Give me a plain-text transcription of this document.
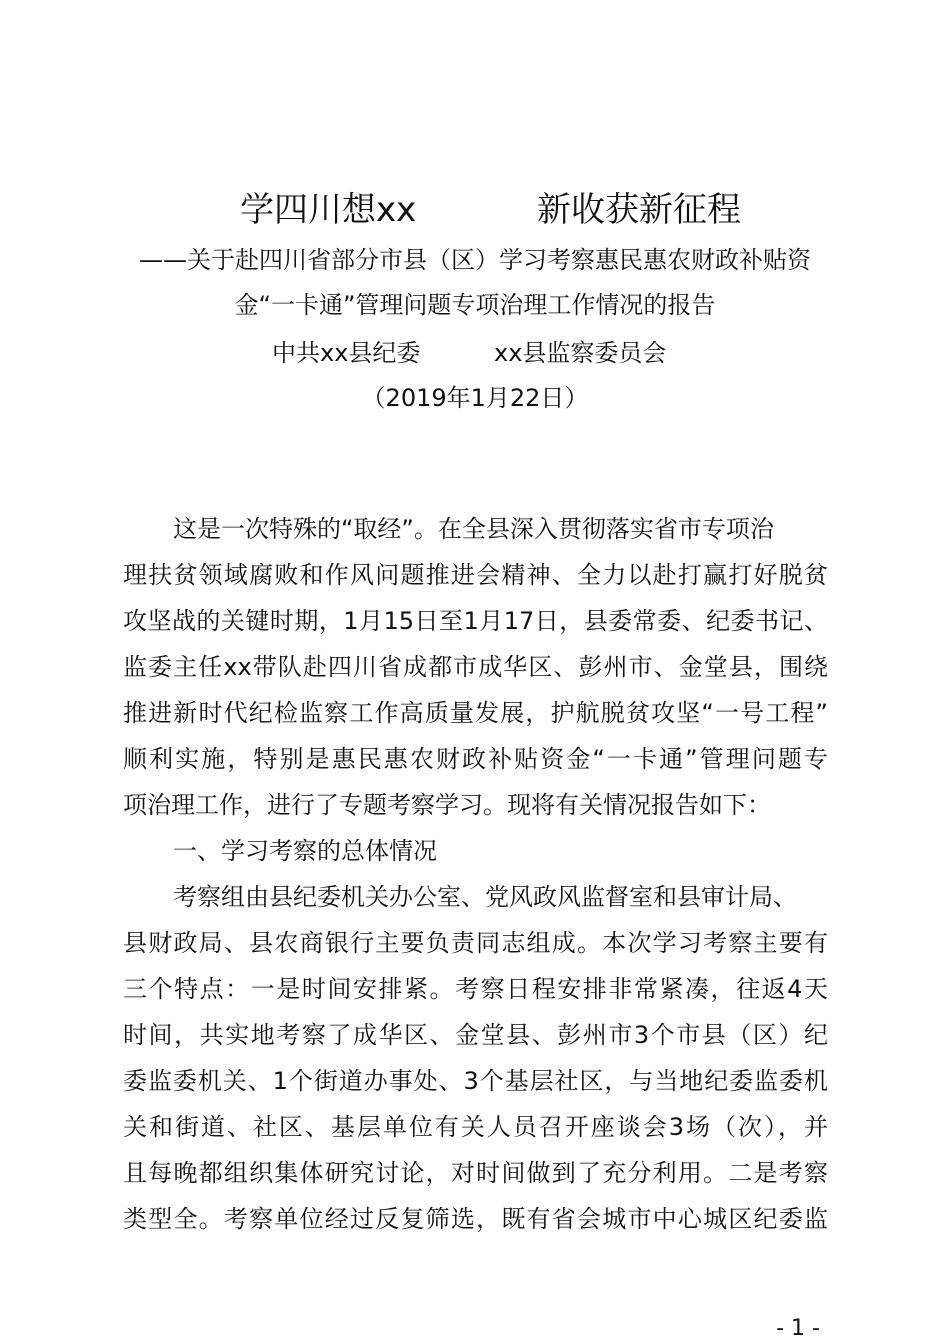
学四川想xx	新收获新征程
——关于赴四川省部分市县（区）学习考察惠民惠农财政补贴资
金“一卡通”管理问题专项治理工作情况的报告
中共xx县纪委	xx县监察委员会
（2019年1月22日）
这是一次特殊的“取经”。在全县深入贯彻落实省市专项治
理扶贫领域腐败和作风问题推进会精神、全力以赴打赢打好脱贫
攻坚战的关键时期，1月15日至1月17日，县委常委、纪委书记、
监委主任xx带队赴四川省成都市成华区、彭州市、金堂县，围绕
推进新时代纪检监察工作高质量发展，护航脱贫攻坚“一号工程”
顺利实施，特别是惠民惠农财政补贴资金“一卡通”管理问题专
项治理工作，进行了专题考察学习。现将有关情况报告如下：
一、学习考察的总体情况
考察组由县纪委机关办公室、党风政风监督室和县审计局、
县财政局、县农商银行主要负责同志组成。本次学习考察主要有
三个特点：一是时间安排紧。考察日程安排非常紧凑，往返4天
时间，共实地考察了成华区、金堂县、彭州市3个市县（区）纪
委监委机关、1个街道办事处、3个基层社区，与当地纪委监委机
关和街道、社区、基层单位有关人员召开座谈会3场（次），并
且每晚都组织集体研究讨论，对时间做到了充分利用。二是考察
类型全。考察单位经过反复筛选，既有省会城市中心城区纪委监
- 1 -
